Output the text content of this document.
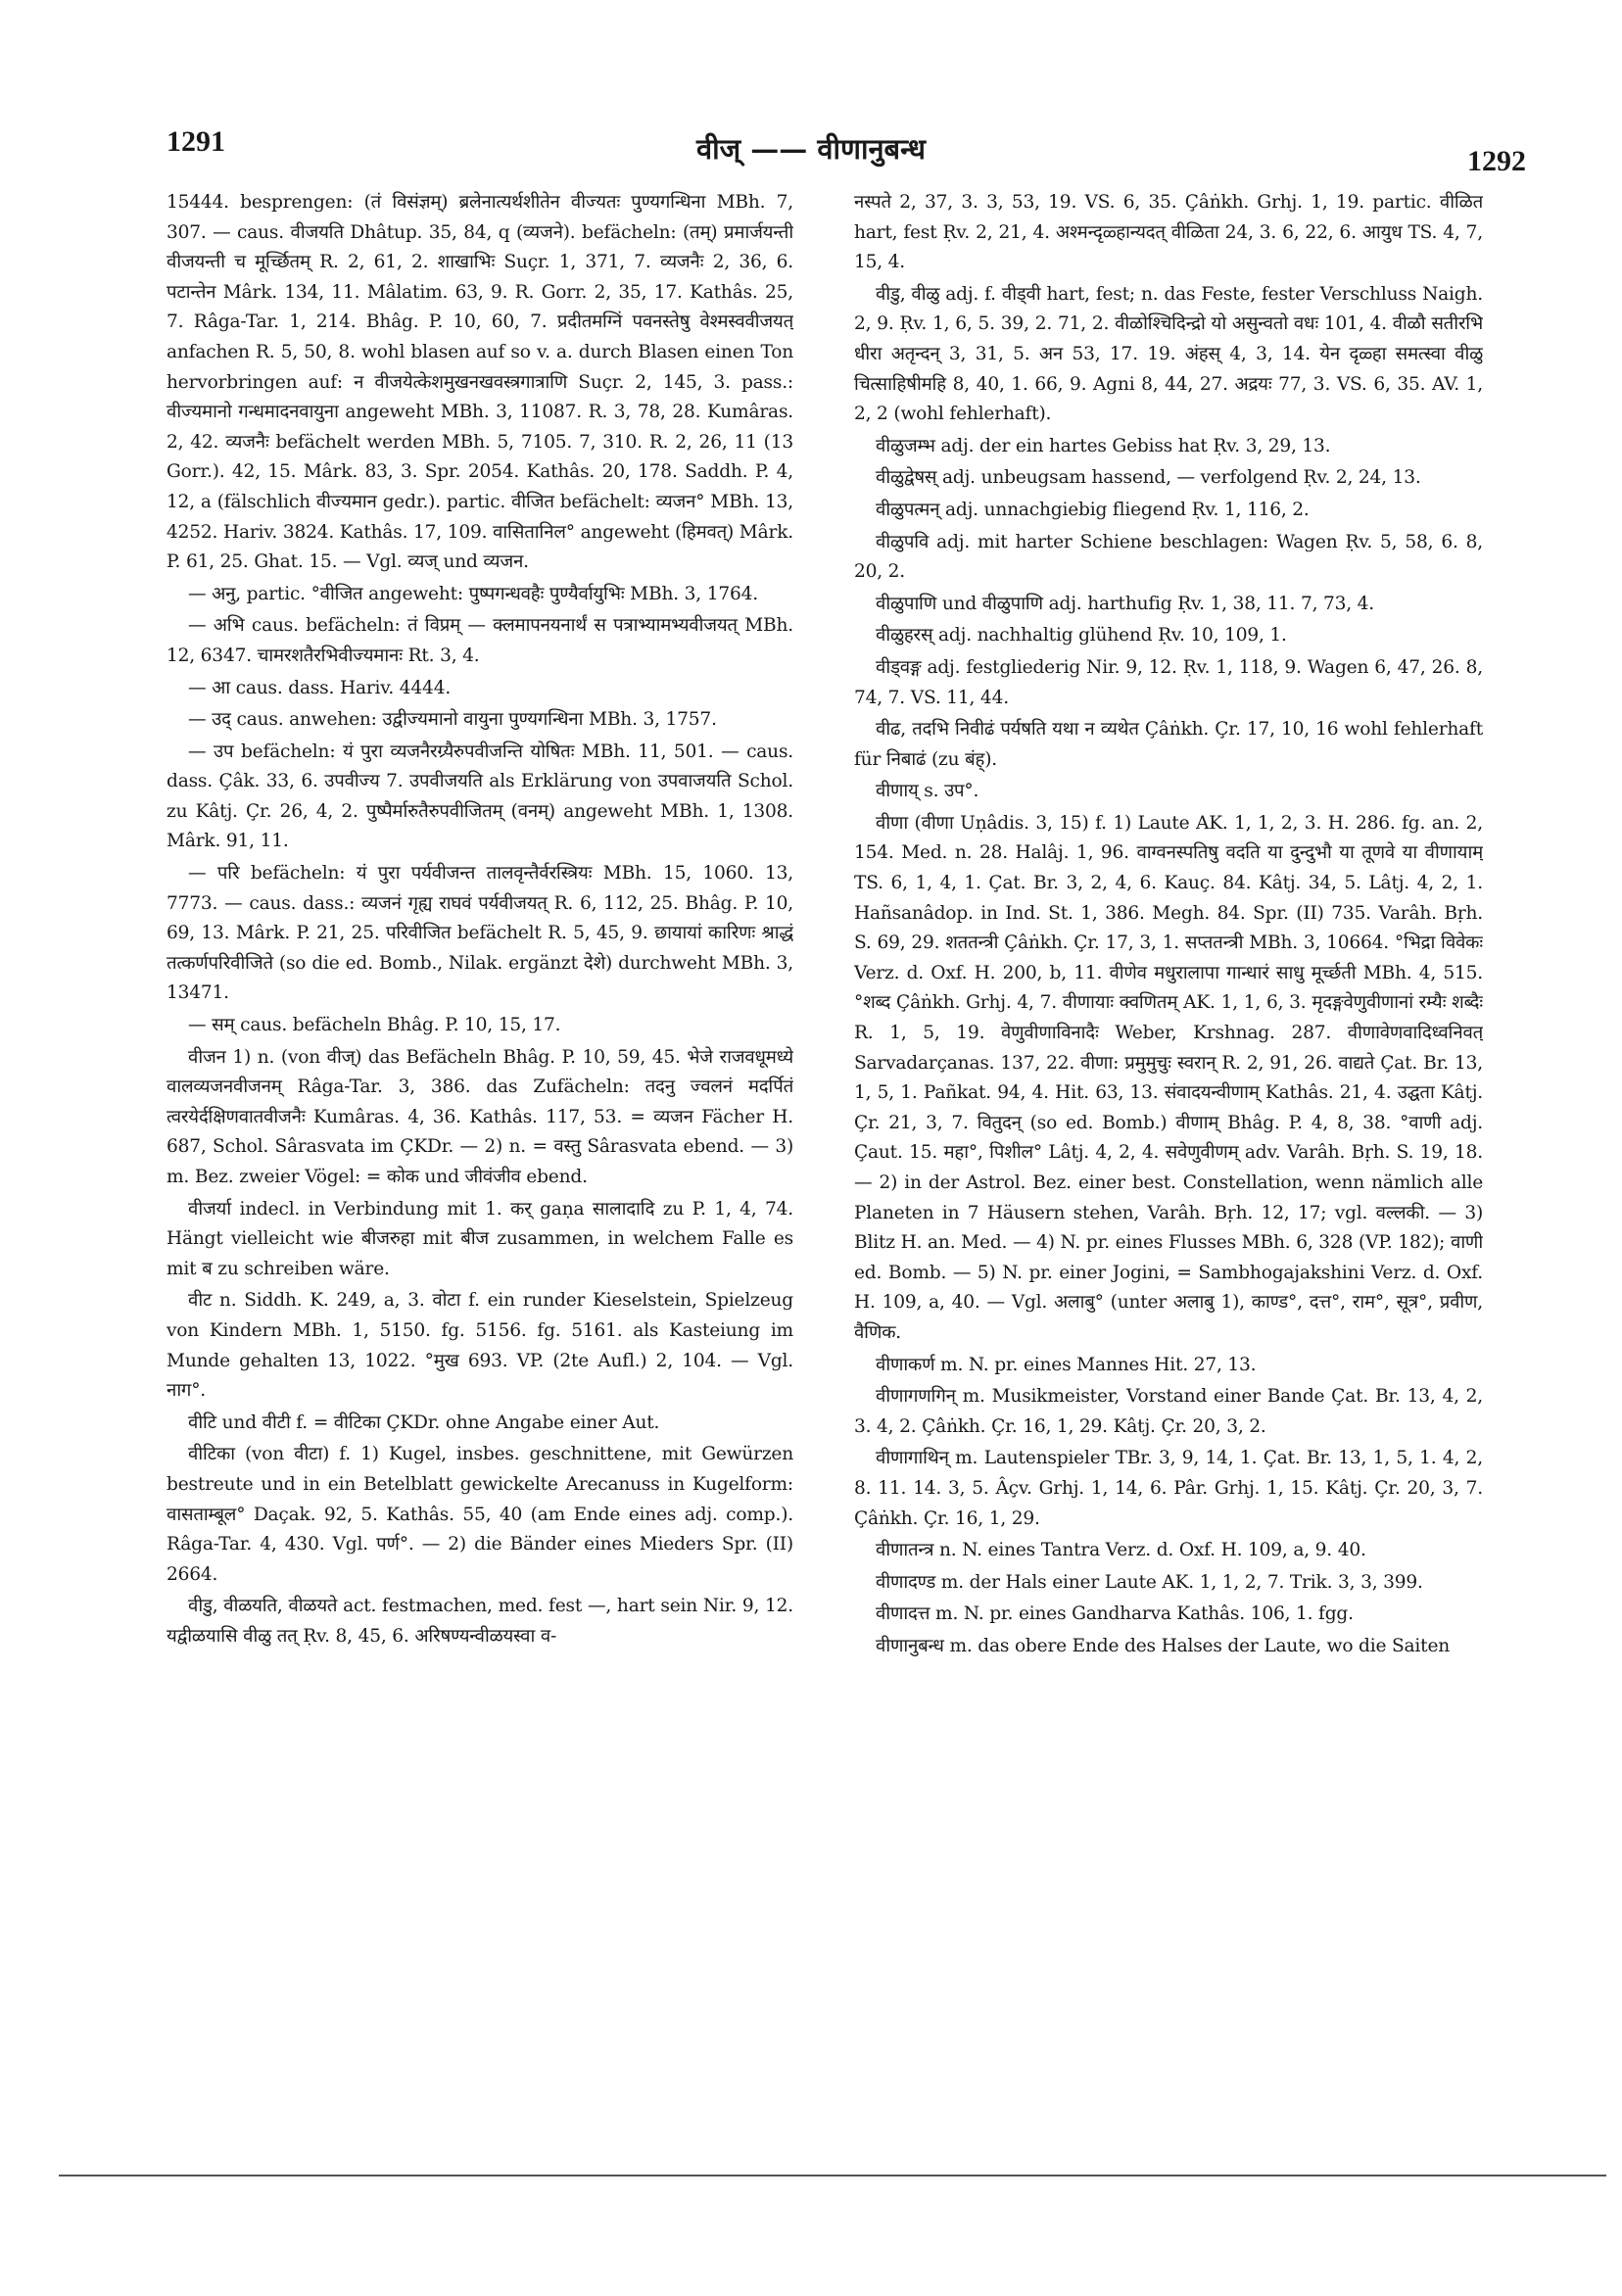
1291	वीज् —— वीणानुबन्ध	1292

15444. besprengen: (तं विसंज्ञम्) ब्रलेनात्यर्थशीतेन वीज्यतः पुण्यगन्धिना MBh. 7, 307. — caus. वीजयति Dhâtup. 35, 84, q (व्यजने). befächeln: (तम्) प्रमार्जयन्ती वीजयन्ती च मूर्च्छितम् R. 2, 61, 2. शाखाभिः Suçr. 1, 371, 7. व्यजनैः 2, 36, 6. पटान्तेन Mârk. 134, 11. Mâlatim. 63, 9. R. Gorr. 2, 35, 17. Kathâs. 25, 7. Râga-Tar. 1, 214. Bhâg. P. 10, 60, 7. प्रदीतमग्निं पवनस्तेषु वेश्मस्ववीजयत् anfachen R. 5, 50, 8. wohl blasen auf so v. a. durch Blasen einen Ton hervorbringen auf: न वीजयेत्केशमुखनखवस्त्रगात्राणि Suçr. 2, 145, 3. pass.: वीज्यमानो गन्धमादनवायुना angeweht MBh. 3, 11087. R. 3, 78, 28. Kumâras. 2, 42. व्यजनैः befächelt werden MBh. 5, 7105. 7, 310. R. 2, 26, 11 (13 Gorr.). 42, 15. Mârk. 83, 3. Spr. 2054. Kathâs. 20, 178. Saddh. P. 4, 12, a (fälschlich वीज्यमान gedr.). partic. वीजित befächelt: व्यजन° MBh. 13, 4252. Hariv. 3824. Kathâs. 17, 109. वासितानिल° angeweht (हिमवत्) Mârk. P. 61, 25. Ghat. 15. — Vgl. व्यज् und व्यजन.

— अनु, partic. °वीजित angeweht: पुष्पगन्धवहैः पुण्यैर्वायुभिः MBh. 3, 1764.

— अभि caus. befächeln: तं विप्रम् — क्लमापनयनार्थं स पत्राभ्यामभ्यवीजयत् MBh. 12, 6347. चामरशतैरभिवीज्यमानः Rt. 3, 4.

— आ caus. dass. Hariv. 4444.

— उद् caus. anwehen: उद्वीज्यमानो वायुना पुण्यगन्धिना MBh. 3, 1757.

— उप befächeln: यं पुरा व्यजनैरग्र्यैरुपवीजन्ति योषितः MBh. 11, 501. — caus. dass. Çâk. 33, 6. उपवीज्य 7. उपवीजयति als Erklärung von उपवाजयति Schol. zu Kâtj. Çr. 26, 4, 2. पुष्पैर्मारुतैरुपवीजितम् (वनम्) angeweht MBh. 1, 1308. Mârk. 91, 11.

— परि befächeln: यं पुरा पर्यवीजन्त तालवृन्तैर्वरस्त्रियः MBh. 15, 1060. 13, 7773. — caus. dass.: व्यजनं गृह्य राघवं पर्यवीजयत् R. 6, 112, 25. Bhâg. P. 10, 69, 13. Mârk. P. 21, 25. परिवीजित befächelt R. 5, 45, 9. छायायां कारिणः श्राद्धं तत्कर्णपरिवीजिते (so die ed. Bomb., Nilak. ergänzt देशे) durchweht MBh. 3, 13471.

— सम् caus. befächeln Bhâg. P. 10, 15, 17.

वीजन 1) n. (von वीज्) das Befächeln Bhâg. P. 10, 59, 45. भेजे राजवधूमध्ये वालव्यजनवीजनम् Râga-Tar. 3, 386. das Zufächeln: तदनु ज्वलनं मदर्पितं त्वरयेर्दक्षिणवातवीजनैः Kumâras. 4, 36. Kathâs. 117, 53. = व्यजन Fächer H. 687, Schol. Sârasvata im ÇKDr. — 2) n. = वस्तु Sârasvata ebend. — 3) m. Bez. zweier Vögel: = कोक und जीवंजीव ebend.

वीजर्या indecl. in Verbindung mit 1. कर् gaṇa सालादादि zu P. 1, 4, 74. Hängt vielleicht wie बीजरुहा mit बीज zusammen, in welchem Falle es mit ब zu schreiben wäre.

वीट n. Siddh. K. 249, a, 3. वोटा f. ein runder Kieselstein, Spielzeug von Kindern MBh. 1, 5150. fg. 5156. fg. 5161. als Kasteiung im Munde gehalten 13, 1022. °मुख 693. VP. (2te Aufl.) 2, 104. — Vgl. नाग°.

वीटि und वीटी f. = वीटिका ÇKDr. ohne Angabe einer Aut.

वीटिका (von वीटा) f. 1) Kugel, insbes. geschnittene, mit Gewürzen bestreute und in ein Betelblatt gewickelte Arecanuss in Kugelform: वासताम्बूल° Daçak. 92, 5. Kathâs. 55, 40 (am Ende eines adj. comp.). Râga-Tar. 4, 430. Vgl. पर्ण°. — 2) die Bänder eines Mieders Spr. (II) 2664.

वीडु, वीळयति, वीळयते act. festmachen, med. fest —, hart sein Nir. 9, 12. यद्वीळयासि वीळु तत् Ṛv. 8, 45, 6. अरिषण्यन्वीळयस्वा व-

नस्पते 2, 37, 3. 3, 53, 19. VS. 6, 35. Çâṅkh. Grhj. 1, 19. partic. वीळित hart, fest Ṛv. 2, 21, 4. अश्मन्दृळ्हान्यदत् वीळिता 24, 3. 6, 22, 6. आयुध TS. 4, 7, 15, 4.

वीडु, वीळु adj. f. वीड्वी hart, fest; n. das Feste, fester Verschluss Naigh. 2, 9. Ṛv. 1, 6, 5. 39, 2. 71, 2. वीळोश्चिदिन्द्रो यो असुन्वतो वधः 101, 4. वीळौ सतीरभि धीरा अतृन्दन् 3, 31, 5. अन 53, 17. 19. अंहस् 4, 3, 14. येन दृळ्हा समत्स्वा वीळु चित्साहिषीमहि 8, 40, 1. 66, 9. Agni 8, 44, 27. अद्रयः 77, 3. VS. 6, 35. AV. 1, 2, 2 (wohl fehlerhaft).

वीळुजम्भ adj. der ein hartes Gebiss hat Ṛv. 3, 29, 13.

वीळुद्वेषस् adj. unbeugsam hassend, — verfolgend Ṛv. 2, 24, 13.

वीळुपत्मन् adj. unnachgiebig fliegend Ṛv. 1, 116, 2.

वीळुपवि adj. mit harter Schiene beschlagen: Wagen Ṛv. 5, 58, 6. 8, 20, 2.

वीळुपाणि und वीळुपाणि adj. harthufig Ṛv. 1, 38, 11. 7, 73, 4.

वीळुहरस् adj. nachhaltig glühend Ṛv. 10, 109, 1.

वीड्वङ्ग adj. festgliederig Nir. 9, 12. Ṛv. 1, 118, 9. Wagen 6, 47, 26. 8, 74, 7. VS. 11, 44.

वीढ, तदभि निवीढं पर्यषति यथा न व्यथेत Çâṅkh. Çr. 17, 10, 16 wohl fehlerhaft für निबाढं (zu बंह्).

वीणाय् s. उप°.

वीणा (वीणा Uṇâdis. 3, 15) f. 1) Laute AK. 1, 1, 2, 3. H. 286. fg. an. 2, 154. Med. n. 28. Halâj. 1, 96. वाग्वनस्पतिषु वदति या दुन्दुभौ या तूणवे या वीणायाम् TS. 6, 1, 4, 1. Çat. Br. 3, 2, 4, 6. Kauç. 84. Kâtj. 34, 5. Lâtj. 4, 2, 1. Hañsanâdop. in Ind. St. 1, 386. Megh. 84. Spr. (II) 735. Varâh. Bṛh. S. 69, 29. शततन्त्री Çâṅkh. Çr. 17, 3, 1. सप्ततन्त्री MBh. 3, 10664. °भिद्रा विवेकः Verz. d. Oxf. H. 200, b, 11. वीणेव मधुरालापा गान्धारं साधु मूर्च्छती MBh. 4, 515. °शब्द Çâṅkh. Grhj. 4, 7. वीणायाः क्वणितम् AK. 1, 1, 6, 3. मृदङ्गवेणुवीणानां रम्यैः शब्दैः R. 1, 5, 19. वेणुवीणाविनादैः Weber, Krshnag. 287. वीणावेणवादिध्वनिवत् Sarvadarçanas. 137, 22. वीणा: प्रमुमुचुः स्वरान् R. 2, 91, 26. वाद्यते Çat. Br. 13, 1, 5, 1. Pañkat. 94, 4. Hit. 63, 13. संवादयन्वीणाम् Kathâs. 21, 4. उद्घता Kâtj. Çr. 21, 3, 7. वितुदन् (so ed. Bomb.) वीणाम् Bhâg. P. 4, 8, 38. °वाणी adj. Çaut. 15. महा°, पिशील° Lâtj. 4, 2, 4. सवेणुवीणम् adv. Varâh. Bṛh. S. 19, 18. — 2) in der Astrol. Bez. einer best. Constellation, wenn nämlich alle Planeten in 7 Häusern stehen, Varâh. Bṛh. 12, 17; vgl. वल्लकी. — 3) Blitz H. an. Med. — 4) N. pr. eines Flusses MBh. 6, 328 (VP. 182); वाणी ed. Bomb. — 5) N. pr. einer Jogini, = Sambhogajakshini Verz. d. Oxf. H. 109, a, 40. — Vgl. अलाबु° (unter अलाबु 1), काण्ड°, दत्त°, राम°, सूत्र°, प्रवीण, वैणिक.

वीणाकर्ण m. N. pr. eines Mannes Hit. 27, 13.

वीणागणगिन् m. Musikmeister, Vorstand einer Bande Çat. Br. 13, 4, 2, 3. 4, 2. Çâṅkh. Çr. 16, 1, 29. Kâtj. Çr. 20, 3, 2.

वीणागाथिन् m. Lautenspieler TBr. 3, 9, 14, 1. Çat. Br. 13, 1, 5, 1. 4, 2, 8. 11. 14. 3, 5. Âçv. Grhj. 1, 14, 6. Pâr. Grhj. 1, 15. Kâtj. Çr. 20, 3, 7. Çâṅkh. Çr. 16, 1, 29.

वीणातन्त्र n. N. eines Tantra Verz. d. Oxf. H. 109, a, 9. 40.

वीणादण्ड m. der Hals einer Laute AK. 1, 1, 2, 7. Trik. 3, 3, 399.

वीणादत्त m. N. pr. eines Gandharva Kathâs. 106, 1. fgg.

वीणानुबन्ध m. das obere Ende des Halses der Laute, wo die Saiten
